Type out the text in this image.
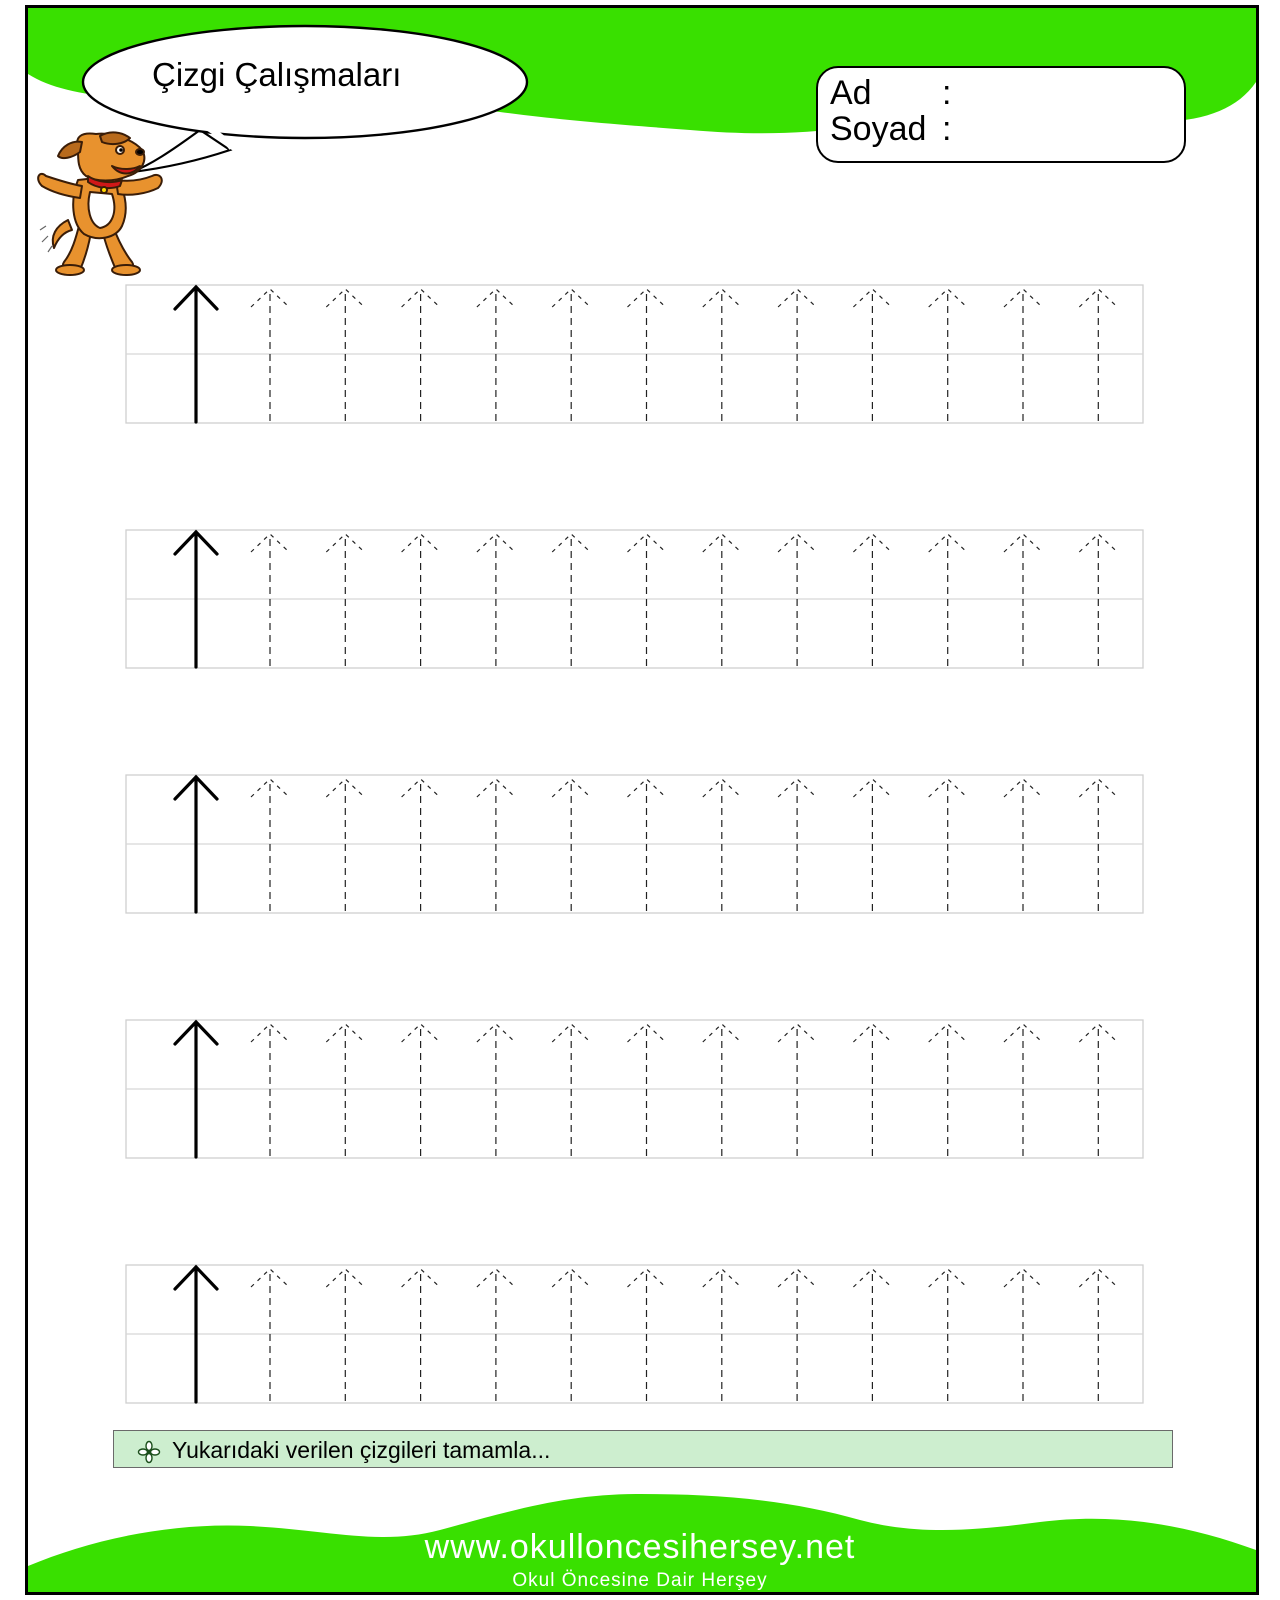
Çizgi Çalışmaları	Ad :
Soyad :
Yukarıdaki verilen çizgileri tamamla...
www.okulloncesihersey.net
Okul Öncesine Dair Herşey
